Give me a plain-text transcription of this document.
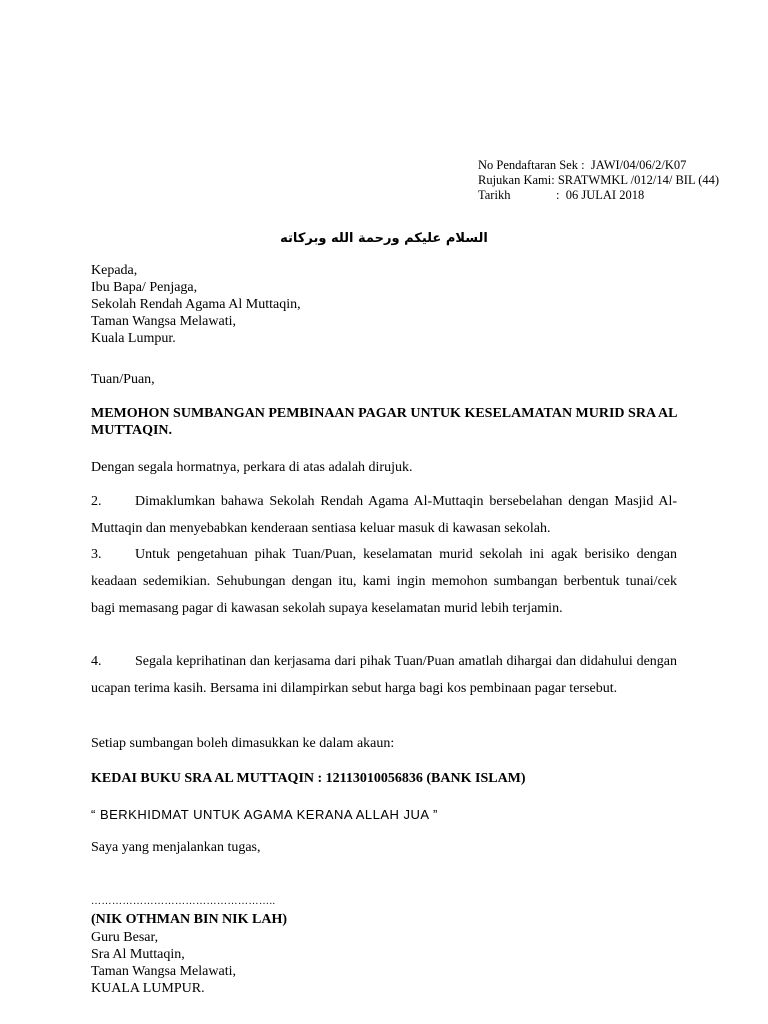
No Pendaftaran Sek :
JAWI/04/06/2/K07
Rujukan Kami:
SRATWMKL /012/14/ BIL (44)
Tarikh	:
06 JULAI 2018
السلام عليكم ورحمة الله وبركاته
Kepada,
Ibu Bapa/ Penjaga,
Sekolah Rendah Agama Al Muttaqin,
Taman Wangsa Melawati,
Kuala Lumpur.
Tuan/Puan,
MEMOHON SUMBANGAN PEMBINAAN PAGAR UNTUK KESELAMATAN MURID SRA AL MUTTAQIN.
Dengan segala hormatnya, perkara di atas adalah dirujuk.
2. Dimaklumkan bahawa Sekolah Rendah Agama Al-Muttaqin bersebelahan dengan Masjid Al-Muttaqin dan menyebabkan kenderaan sentiasa keluar masuk di kawasan sekolah.
3. Untuk pengetahuan pihak Tuan/Puan, keselamatan murid sekolah ini agak berisiko dengan keadaan sedemikian. Sehubungan dengan itu, kami ingin memohon sumbangan berbentuk tunai/cek bagi memasang pagar di kawasan sekolah supaya keselamatan murid lebih terjamin.
4. Segala keprihatinan dan kerjasama dari pihak Tuan/Puan amatlah dihargai dan didahului dengan ucapan terima kasih. Bersama ini dilampirkan sebut harga bagi kos pembinaan pagar tersebut.
Setiap sumbangan boleh dimasukkan ke dalam akaun:
KEDAI BUKU SRA AL MUTTAQIN : 12113010056836 (BANK ISLAM)
“ BERKHIDMAT UNTUK AGAMA KERANA ALLAH JUA ”
Saya yang menjalankan tugas,
……………………………………………..
(NIK OTHMAN BIN NIK LAH)
Guru Besar,
Sra Al Muttaqin,
Taman Wangsa Melawati,
KUALA LUMPUR.
